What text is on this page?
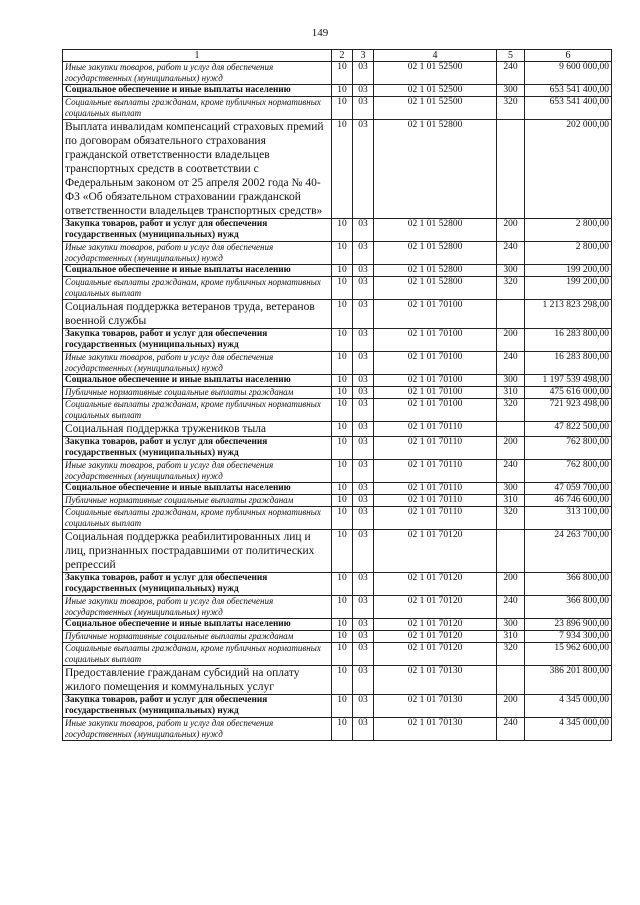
149
1	2	3	4	5	6
Иные закупки товаров, работ и услуг для обеспечения государственных (муниципальных) нужд	10	03	02 1 01 52500	240	9 600 000,00
Социальное обеспечение и иные выплаты населению	10	03	02 1 01 52500	300	653 541 400,00
Социальные выплаты гражданам, кроме публичных нормативных социальных выплат	10	03	02 1 01 52500	320	653 541 400,00
Выплата инвалидам компенсаций страховых премий по договорам обязательного страхования гражданской ответственности владельцев транспортных средств в соответствии с Федеральным законом от 25 апреля 2002 года № 40-ФЗ «Об обязательном страховании гражданской ответственности владельцев транспортных средств»	10	03	02 1 01 52800		202 000,00
Закупка товаров, работ и услуг для обеспечения государственных (муниципальных) нужд	10	03	02 1 01 52800	200	2 800,00
Иные закупки товаров, работ и услуг для обеспечения государственных (муниципальных) нужд	10	03	02 1 01 52800	240	2 800,00
Социальное обеспечение и иные выплаты населению	10	03	02 1 01 52800	300	199 200,00
Социальные выплаты гражданам, кроме публичных нормативных социальных выплат	10	03	02 1 01 52800	320	199 200,00
Социальная поддержка ветеранов труда, ветеранов военной службы	10	03	02 1 01 70100		1 213 823 298,00
Закупка товаров, работ и услуг для обеспечения государственных (муниципальных) нужд	10	03	02 1 01 70100	200	16 283 800,00
Иные закупки товаров, работ и услуг для обеспечения государственных (муниципальных) нужд	10	03	02 1 01 70100	240	16 283 800,00
Социальное обеспечение и иные выплаты населению	10	03	02 1 01 70100	300	1 197 539 498,00
Публичные нормативные социальные выплаты гражданам	10	03	02 1 01 70100	310	475 616 000,00
Социальные выплаты гражданам, кроме публичных нормативных социальных выплат	10	03	02 1 01 70100	320	721 923 498,00
Социальная поддержка тружеников тыла	10	03	02 1 01 70110		47 822 500,00
Закупка товаров, работ и услуг для обеспечения государственных (муниципальных) нужд	10	03	02 1 01 70110	200	762 800,00
Иные закупки товаров, работ и услуг для обеспечения государственных (муниципальных) нужд	10	03	02 1 01 70110	240	762 800,00
Социальное обеспечение и иные выплаты населению	10	03	02 1 01 70110	300	47 059 700,00
Публичные нормативные социальные выплаты гражданам	10	03	02 1 01 70110	310	46 746 600,00
Социальные выплаты гражданам, кроме публичных нормативных социальных выплат	10	03	02 1 01 70110	320	313 100,00
Социальная поддержка реабилитированных лиц и лиц, признанных пострадавшими от политических репрессий	10	03	02 1 01 70120		24 263 700,00
Закупка товаров, работ и услуг для обеспечения государственных (муниципальных) нужд	10	03	02 1 01 70120	200	366 800,00
Иные закупки товаров, работ и услуг для обеспечения государственных (муниципальных) нужд	10	03	02 1 01 70120	240	366 800,00
Социальное обеспечение и иные выплаты населению	10	03	02 1 01 70120	300	23 896 900,00
Публичные нормативные социальные выплаты гражданам	10	03	02 1 01 70120	310	7 934 300,00
Социальные выплаты гражданам, кроме публичных нормативных социальных выплат	10	03	02 1 01 70120	320	15 962 600,00
Предоставление гражданам субсидий на оплату жилого помещения и коммунальных услуг	10	03	02 1 01 70130		386 201 800,00
Закупка товаров, работ и услуг для обеспечения государственных (муниципальных) нужд	10	03	02 1 01 70130	200	4 345 000,00
Иные закупки товаров, работ и услуг для обеспечения государственных (муниципальных) нужд	10	03	02 1 01 70130	240	4 345 000,00
